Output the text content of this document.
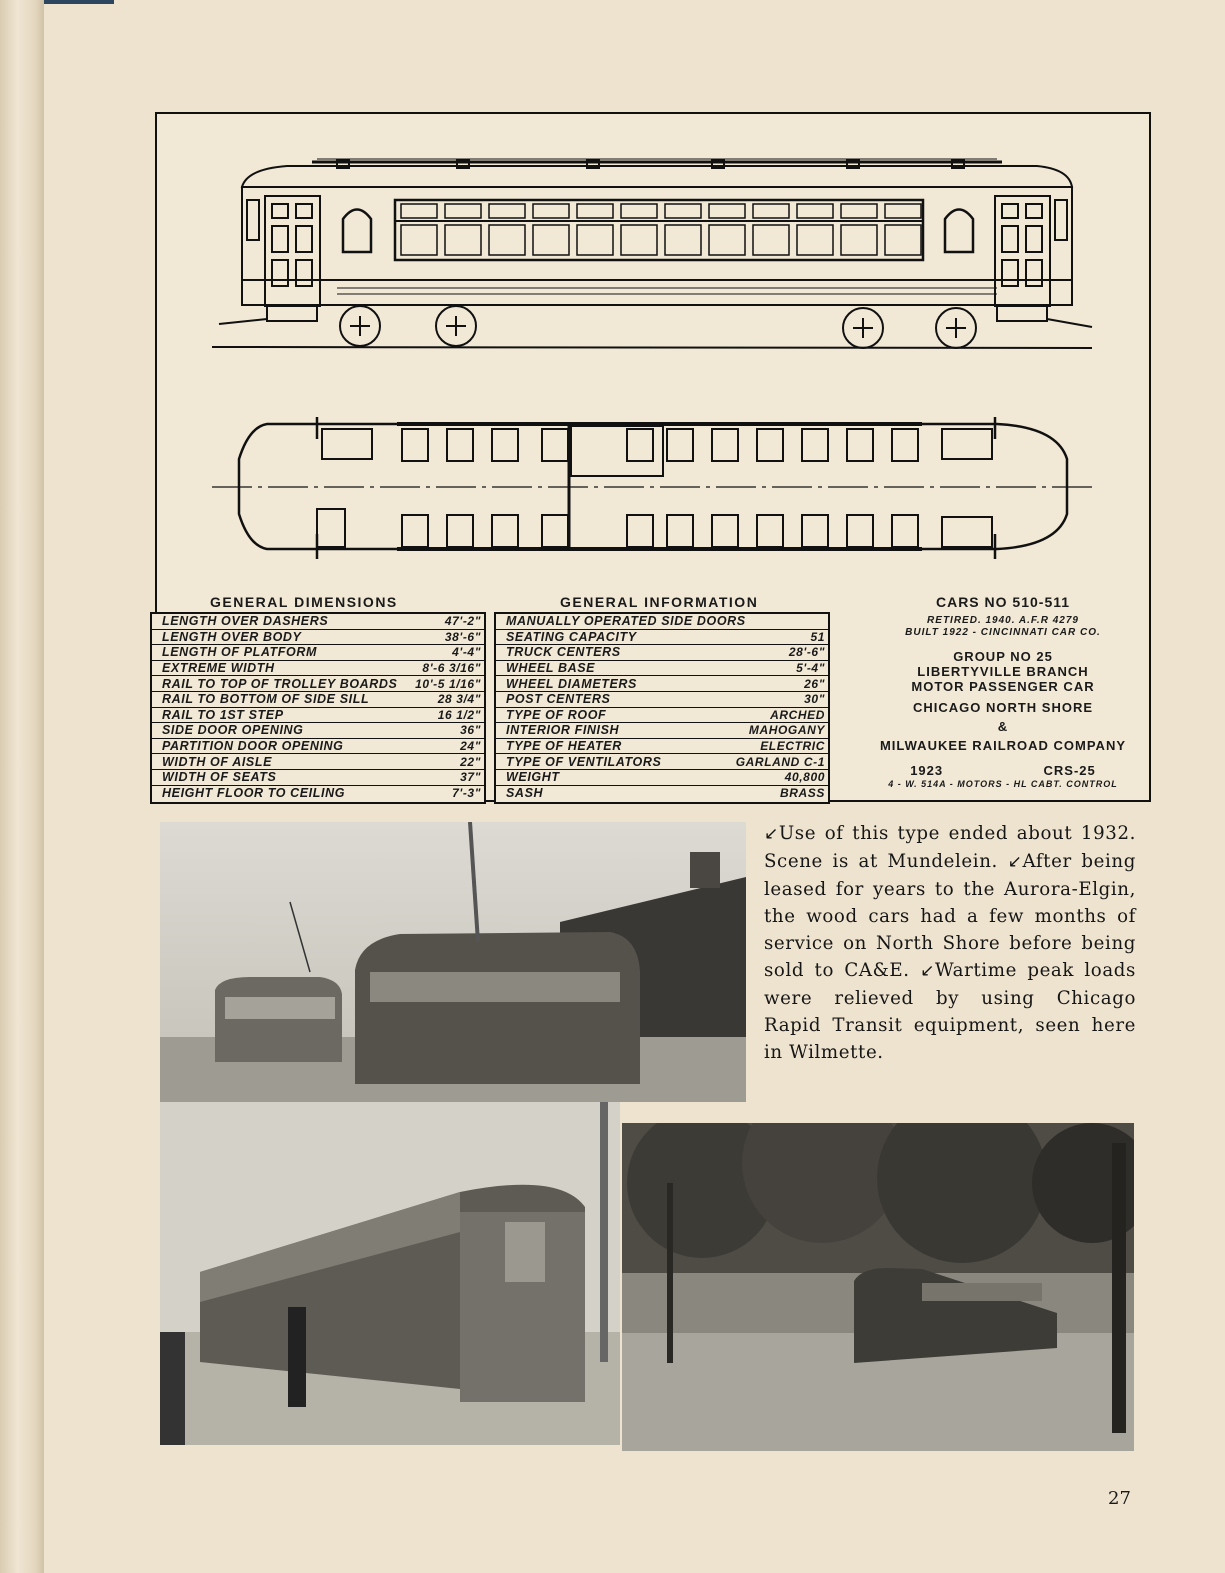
GENERAL DIMENSIONS
LENGTH OVER DASHERS	47'-2"
LENGTH OVER BODY	38'-6"
LENGTH OF PLATFORM	4'-4"
EXTREME WIDTH	8'-6 3/16"
RAIL TO TOP OF TROLLEY BOARDS 10'-5 1/16"
RAIL TO BOTTOM OF SIDE SILL	28 3/4"
RAIL TO 1ST STEP	16 1/2"
SIDE DOOR OPENING	36"
PARTITION DOOR OPENING	24"
WIDTH OF AISLE	22"
WIDTH OF SEATS	37"
HEIGHT FLOOR TO CEILING	7'-3"
GENERAL INFORMATION
MANUALLY OPERATED SIDE DOORS
SEATING CAPACITY	51
TRUCK CENTERS	28'-6"
WHEEL BASE	5'-4"
WHEEL DIAMETERS	26"
POST CENTERS	30"
TYPE OF ROOF	ARCHED
INTERIOR FINISH	MAHOGANY
TYPE OF HEATER	ELECTRIC
TYPE OF VENTILATORS	GARLAND C-1
WEIGHT	40,800
SASH	BRASS
CARS NO 510-511
RETIRED. 1940. A.F.R 4279
BUILT 1922 - CINCINNATI CAR CO.
GROUP NO 25
LIBERTYVILLE BRANCH
MOTOR PASSENGER CAR
CHICAGO NORTH SHORE
&
MILWAUKEE RAILROAD COMPANY
1923	CRS-25
4 - W. 514A - MOTORS - HL CABT. CONTROL
↙Use of this type ended about 1932. Scene is at Mundelein. ↙After being leased for years to the Aurora-Elgin, the wood cars had a few months of service on North Shore before being sold to CA&E. ↙Wartime peak loads were relieved by using Chicago Rapid Transit equipment, seen here in Wilmette.
27
